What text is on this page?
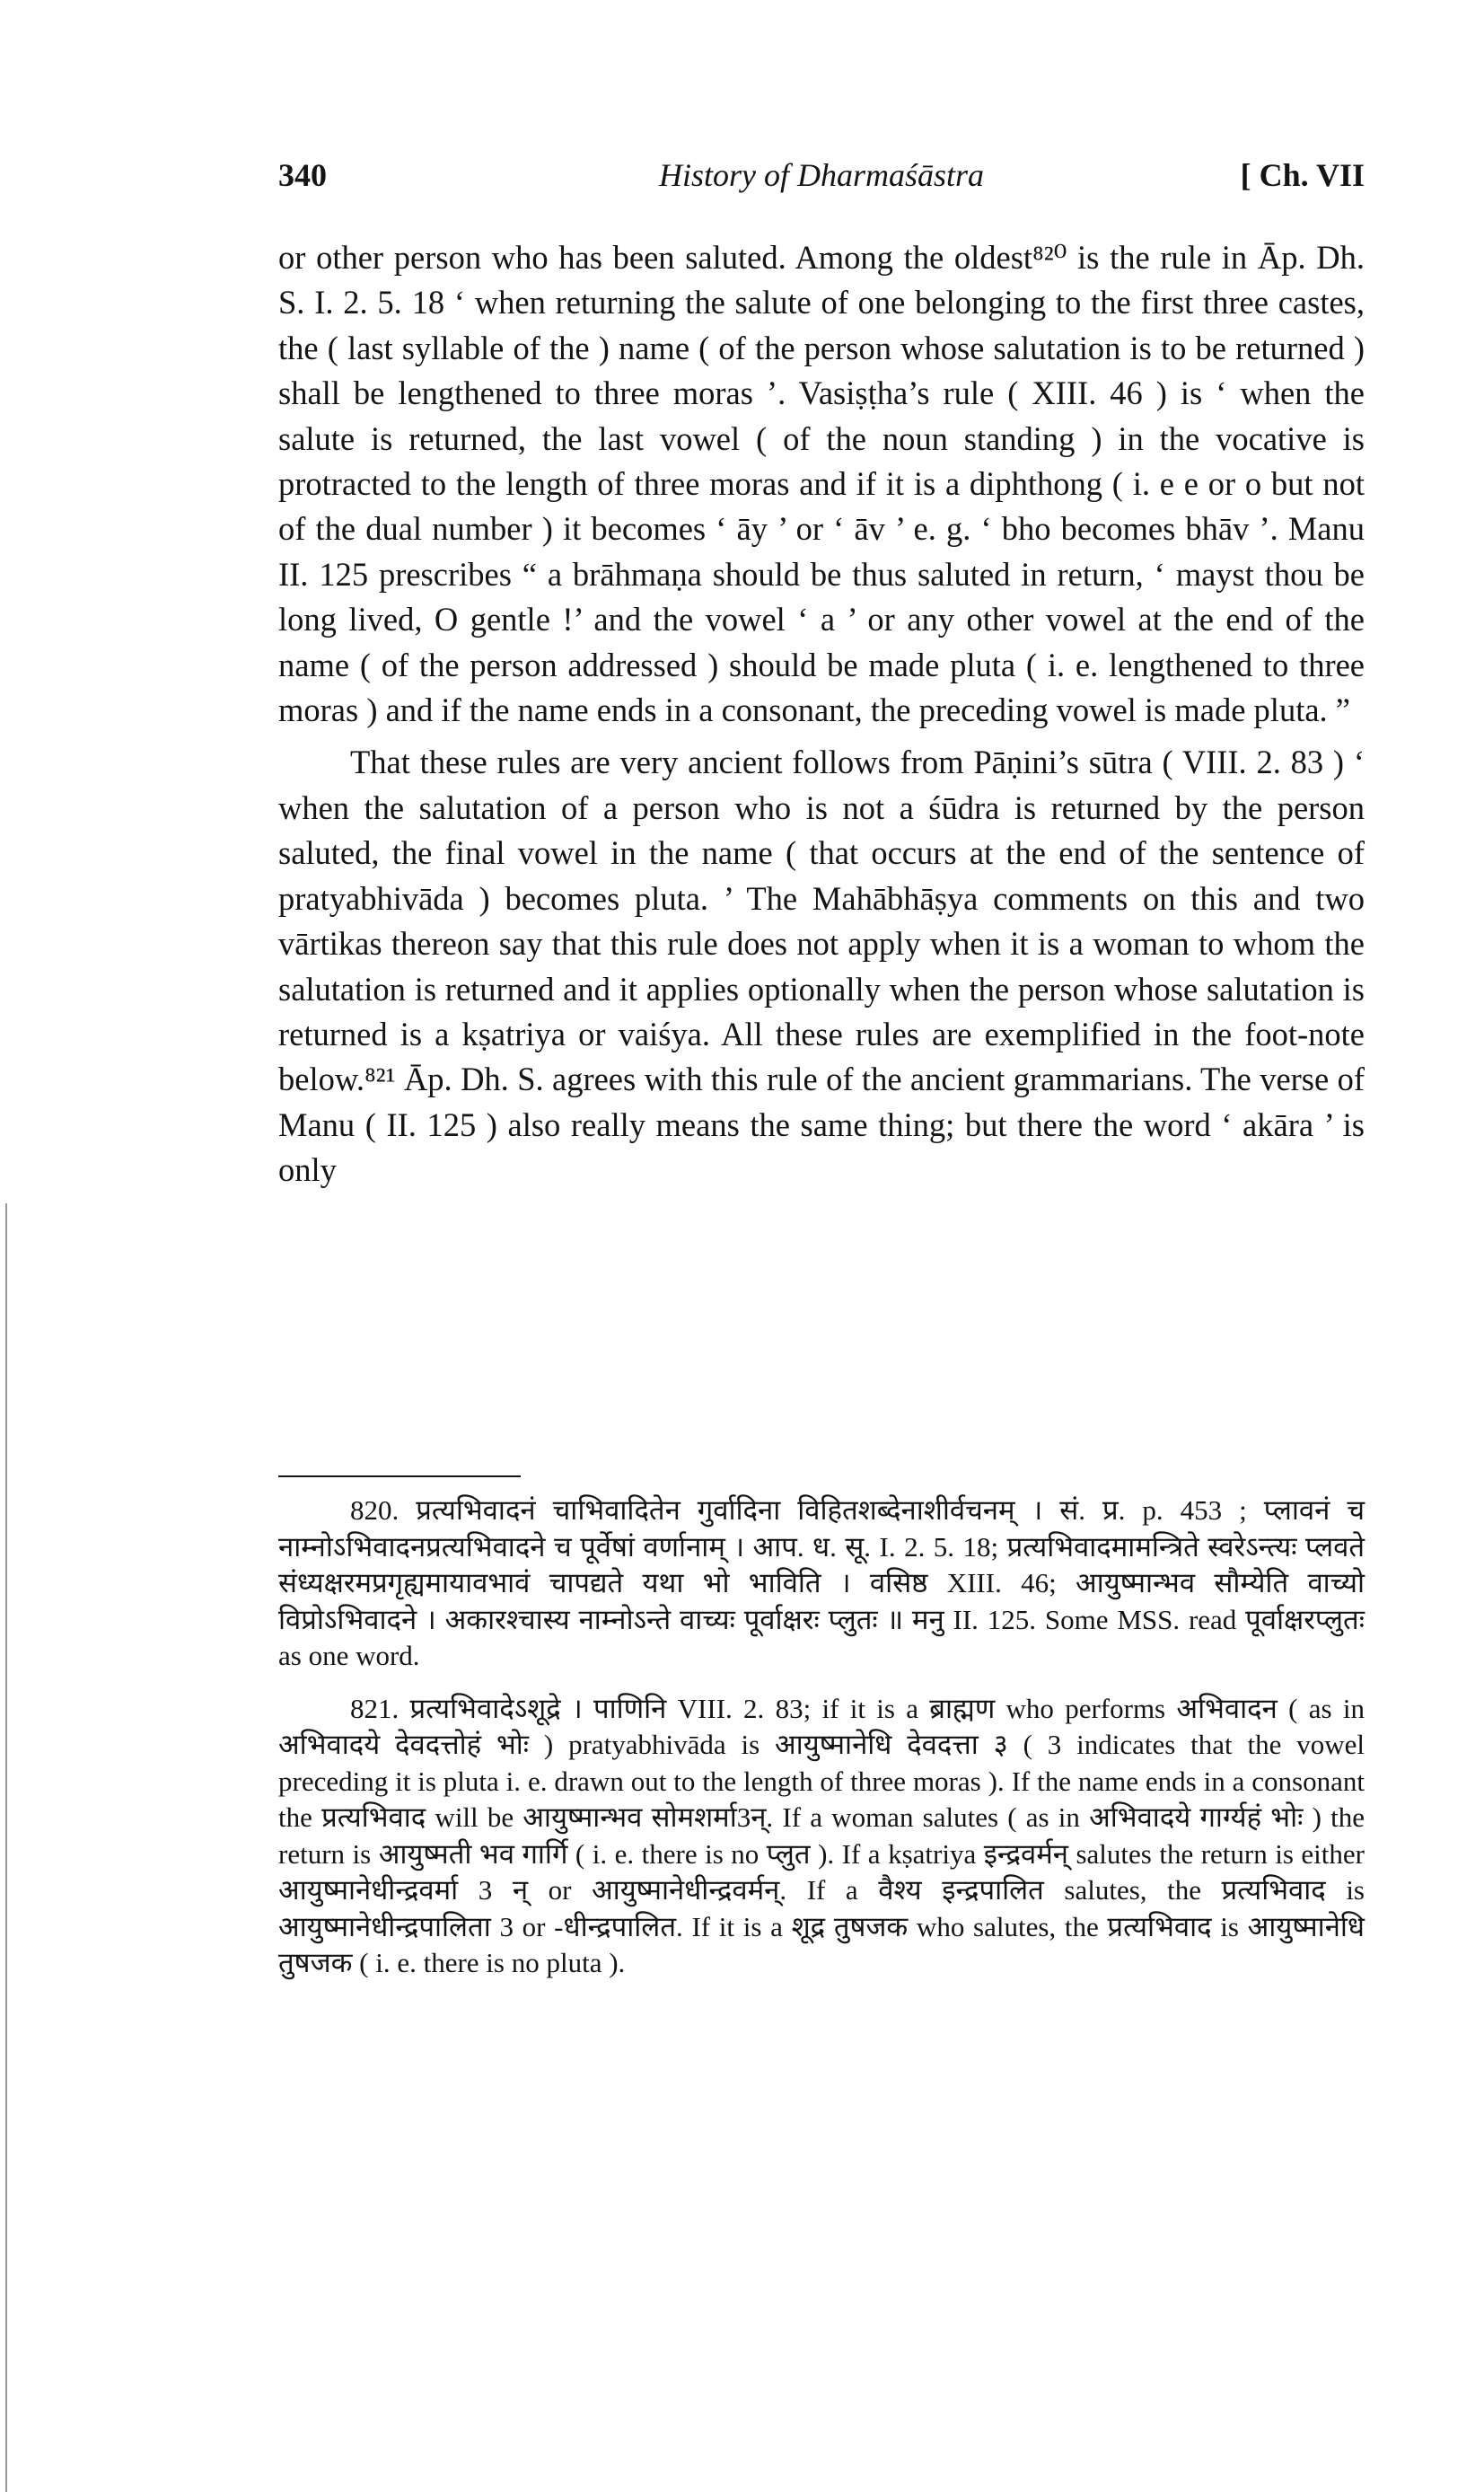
340	History of Dharmaśāstra	[ Ch. VII

or other person who has been saluted. Among the oldest⁸²⁰ is the rule in Āp. Dh. S. I. 2. 5. 18 ‘ when returning the salute of one belonging to the first three castes, the ( last syllable of the ) name ( of the person whose salutation is to be returned ) shall be lengthened to three moras ’. Vasiṣṭha’s rule ( XIII. 46 ) is ‘ when the salute is returned, the last vowel ( of the noun standing ) in the vocative is protracted to the length of three moras and if it is a diphthong ( i. e e or o but not of the dual number ) it becomes ‘ āy ’ or ‘ āv ’ e. g. ‘ bho becomes bhāv ’. Manu II. 125 prescribes “ a brāhmaṇa should be thus saluted in return, ‘ mayst thou be long lived, O gentle !’ and the vowel ‘ a ’ or any other vowel at the end of the name ( of the person addressed ) should be made pluta ( i. e. lengthened to three moras ) and if the name ends in a consonant, the preceding vowel is made pluta. ”

That these rules are very ancient follows from Pāṇini’s sūtra ( VIII. 2. 83 ) ‘ when the salutation of a person who is not a śūdra is returned by the person saluted, the final vowel in the name ( that occurs at the end of the sentence of pratyabhivāda ) becomes pluta. ’ The Mahābhāṣya comments on this and two vārtikas thereon say that this rule does not apply when it is a woman to whom the salutation is returned and it applies optionally when the person whose salutation is returned is a kṣatriya or vaiśya. All these rules are exemplified in the foot-note below.⁸²¹ Āp. Dh. S. agrees with this rule of the ancient grammarians. The verse of Manu ( II. 125 ) also really means the same thing; but there the word ‘ akāra ’ is only

820. प्रत्यभिवादनं चाभिवादितेन गुर्वादिना विहितशब्देनाशीर्वचनम् । सं. प्र. p. 453 ; प्लावनं च नाम्नोऽभिवादनप्रत्यभिवादने च पूर्वेषां वर्णानाम् । आप. ध. सू. I. 2. 5. 18; प्रत्यभिवादमामन्त्रिते स्वरेऽन्त्यः प्लवते संध्यक्षरमप्रगृह्यमायावभावं चापद्यते यथा भो भाविति । वसिष्ठ XIII. 46; आयुष्मान्भव सौम्येति वाच्यो विप्रोऽभिवादने । अकारश्चास्य नाम्नोऽन्ते वाच्यः पूर्वाक्षरः प्लुतः ॥ मनु II. 125. Some MSS. read पूर्वाक्षरप्लुतः as one word.

821. प्रत्यभिवादेऽशूद्रे । पाणिनि VIII. 2. 83; if it is a ब्राह्मण who performs अभिवादन ( as in अभिवादये देवदत्तोहं भोः ) pratyabhivāda is आयुष्मानेधि देवदत्ता ३ ( 3 indicates that the vowel preceding it is pluta i. e. drawn out to the length of three moras ). If the name ends in a consonant the प्रत्यभिवाद will be आयुष्मान्भव सोमशर्मा3न्. If a woman salutes ( as in अभिवादये गार्ग्यहं भोः ) the return is आयुष्मती भव गार्गि ( i. e. there is no प्लुत ). If a kṣatriya इन्द्रवर्मन् salutes the return is either आयुष्मानेधीन्द्रवर्मा 3 न् or आयुष्मानेधीन्द्रवर्मन्. If a वैश्य इन्द्रपालित salutes, the प्रत्यभिवाद is आयुष्मानेधीन्द्रपालिता 3 or -धीन्द्रपालित. If it is a शूद्र तुषजक who salutes, the प्रत्यभिवाद is आयुष्मानेधि तुषजक ( i. e. there is no pluta ).
